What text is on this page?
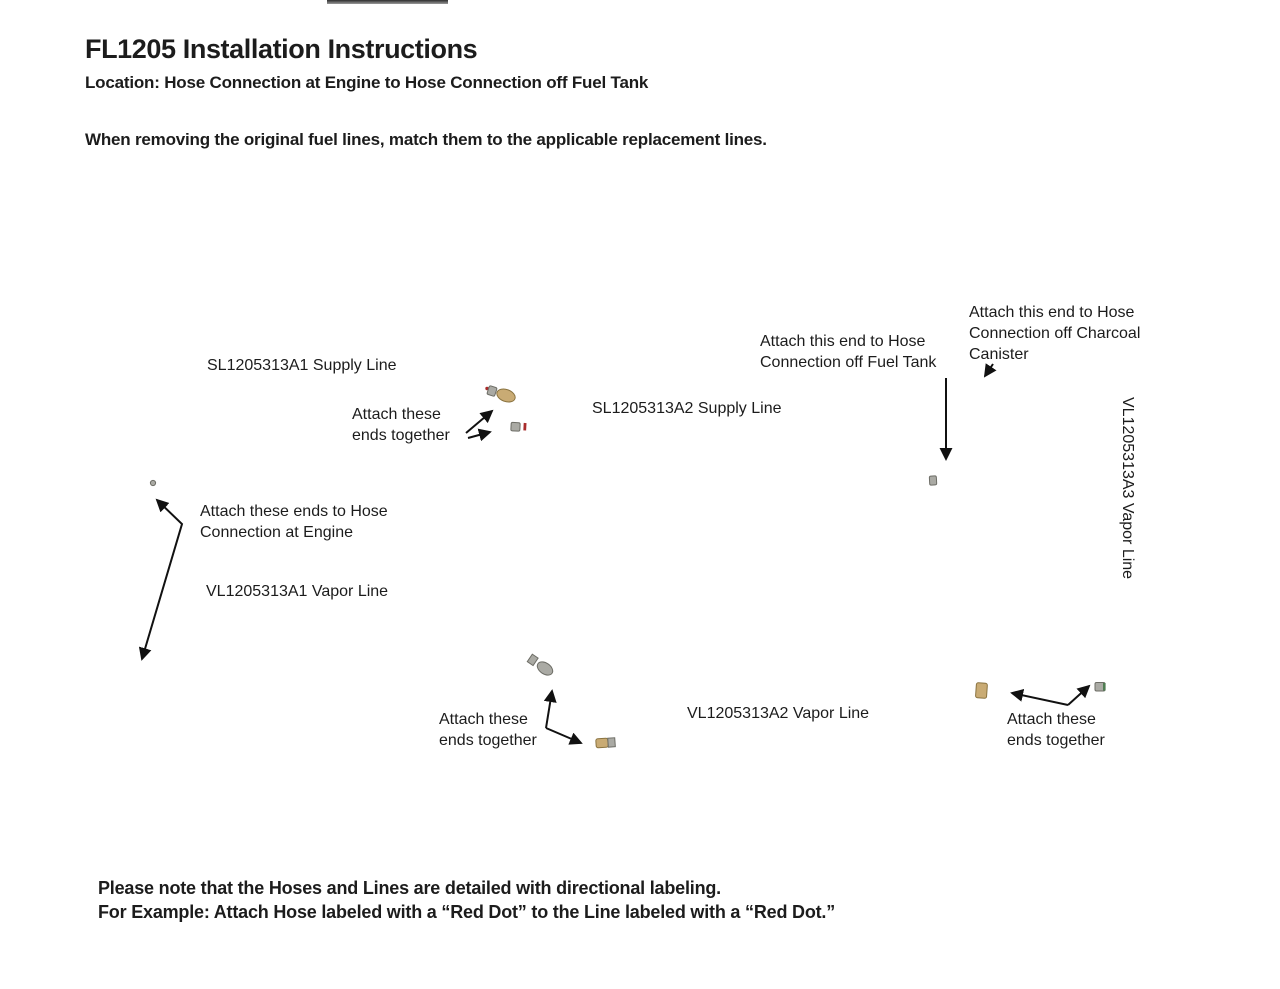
FL1205 Installation Instructions
Location: Hose Connection at Engine to Hose Connection off Fuel Tank
When removing the original fuel lines, match them to the applicable replacement lines.
SL1205313A1 Supply Line
SL1205313A2 Supply Line
VL1205313A1 Vapor Line
VL1205313A2 Vapor Line
VL1205313A3 Vapor Line
Attach these ends together
Attach these ends to Hose Connection at Engine
Attach this end to Hose Connection off Fuel Tank
Attach this end to Hose Connection off Charcoal Canister
Attach these ends together
Attach these ends together
Please note that the Hoses and Lines are detailed with directional labeling.
For Example: Attach Hose labeled with a “Red Dot” to the Line labeled with a “Red Dot.”
